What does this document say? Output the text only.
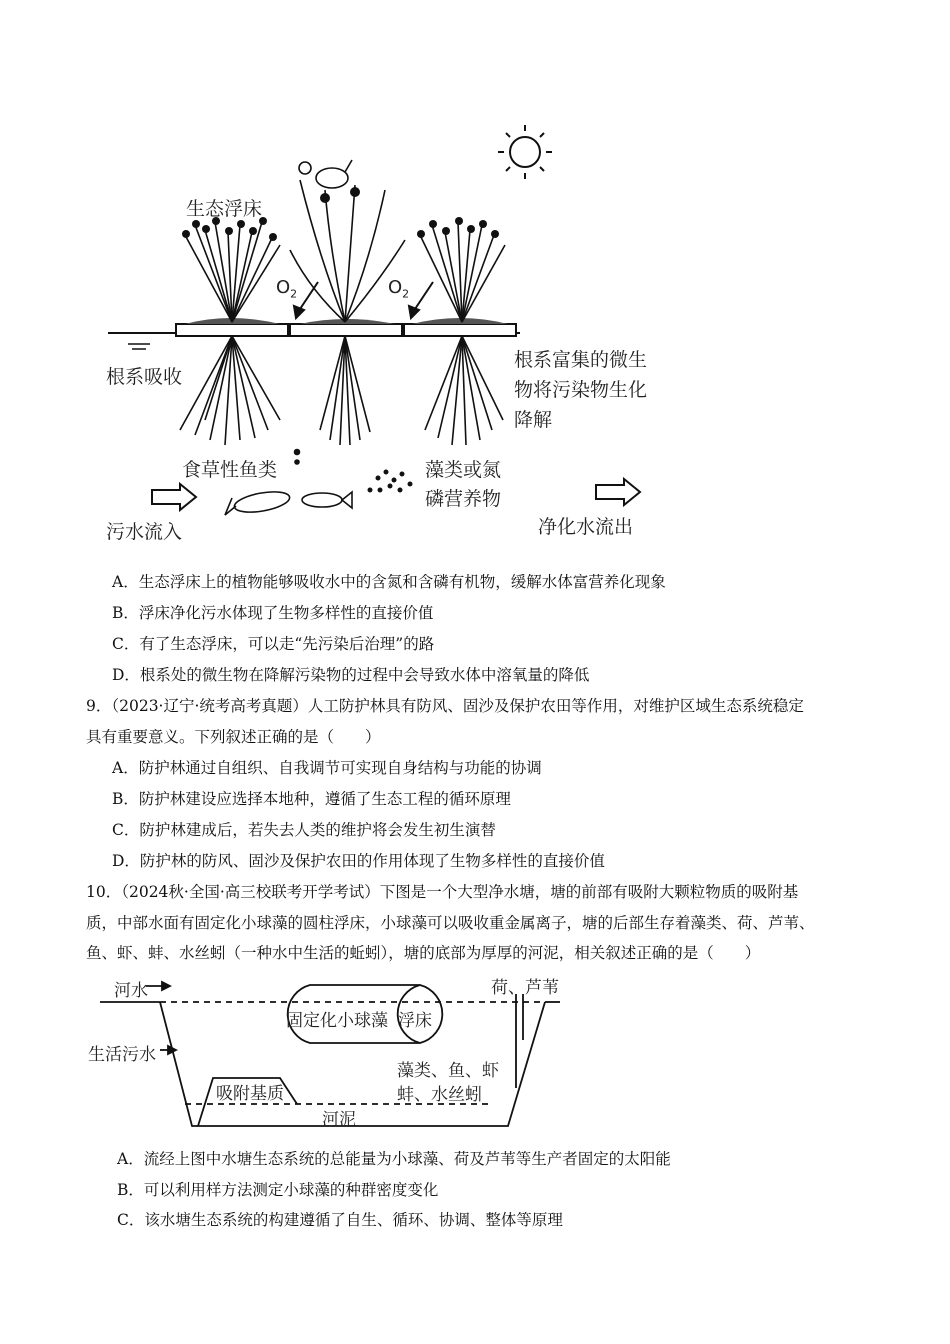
生态浮床
$O_2$	$O_2$
根系吸收
根系富集的微生
物将污染物生化
降解
食草性鱼类	藻类或氮
磷营养物
污水流入	净化水流出
A．生态浮床上的植物能够吸收水中的含氮和含磷有机物，缓解水体富营养化现象
B．浮床净化污水体现了生物多样性的直接价值
C．有了生态浮床，可以走“先污染后治理”的路
D．根系处的微生物在降解污染物的过程中会导致水体中溶氧量的降低
9．（2023·辽宁·统考高考真题）人工防护林具有防风、固沙及保护农田等作用，对维护区域生态系统稳定
具有重要意义。下列叙述正确的是（　　）
A．防护林通过自组织、自我调节可实现自身结构与功能的协调
B．防护林建设应选择本地种，遵循了生态工程的循环原理
C．防护林建成后，若失去人类的维护将会发生初生演替
D．防护林的防风、固沙及保护农田的作用体现了生物多样性的直接价值
10．（2024秋·全国·高三校联考开学考试）下图是一个大型净水塘，塘的前部有吸附大颗粒物质的吸附基
质，中部水面有固定化小球藻的圆柱浮床，小球藻可以吸收重金属离子，塘的后部生存着藻类、荷、芦苇、
鱼、虾、蚌、水丝蚓（一种水中生活的蚯蚓），塘的底部为厚厚的河泥，相关叙述正确的是（　　）
河水	荷、芦苇
固定化小球藻 浮床
生活污水
吸附基质
藻类、鱼、虾
蚌、水丝蚓
河泥
A．流经上图中水塘生态系统的总能量为小球藻、荷及芦苇等生产者固定的太阳能
B．可以利用样方法测定小球藻的种群密度变化
C．该水塘生态系统的构建遵循了自生、循环、协调、整体等原理
